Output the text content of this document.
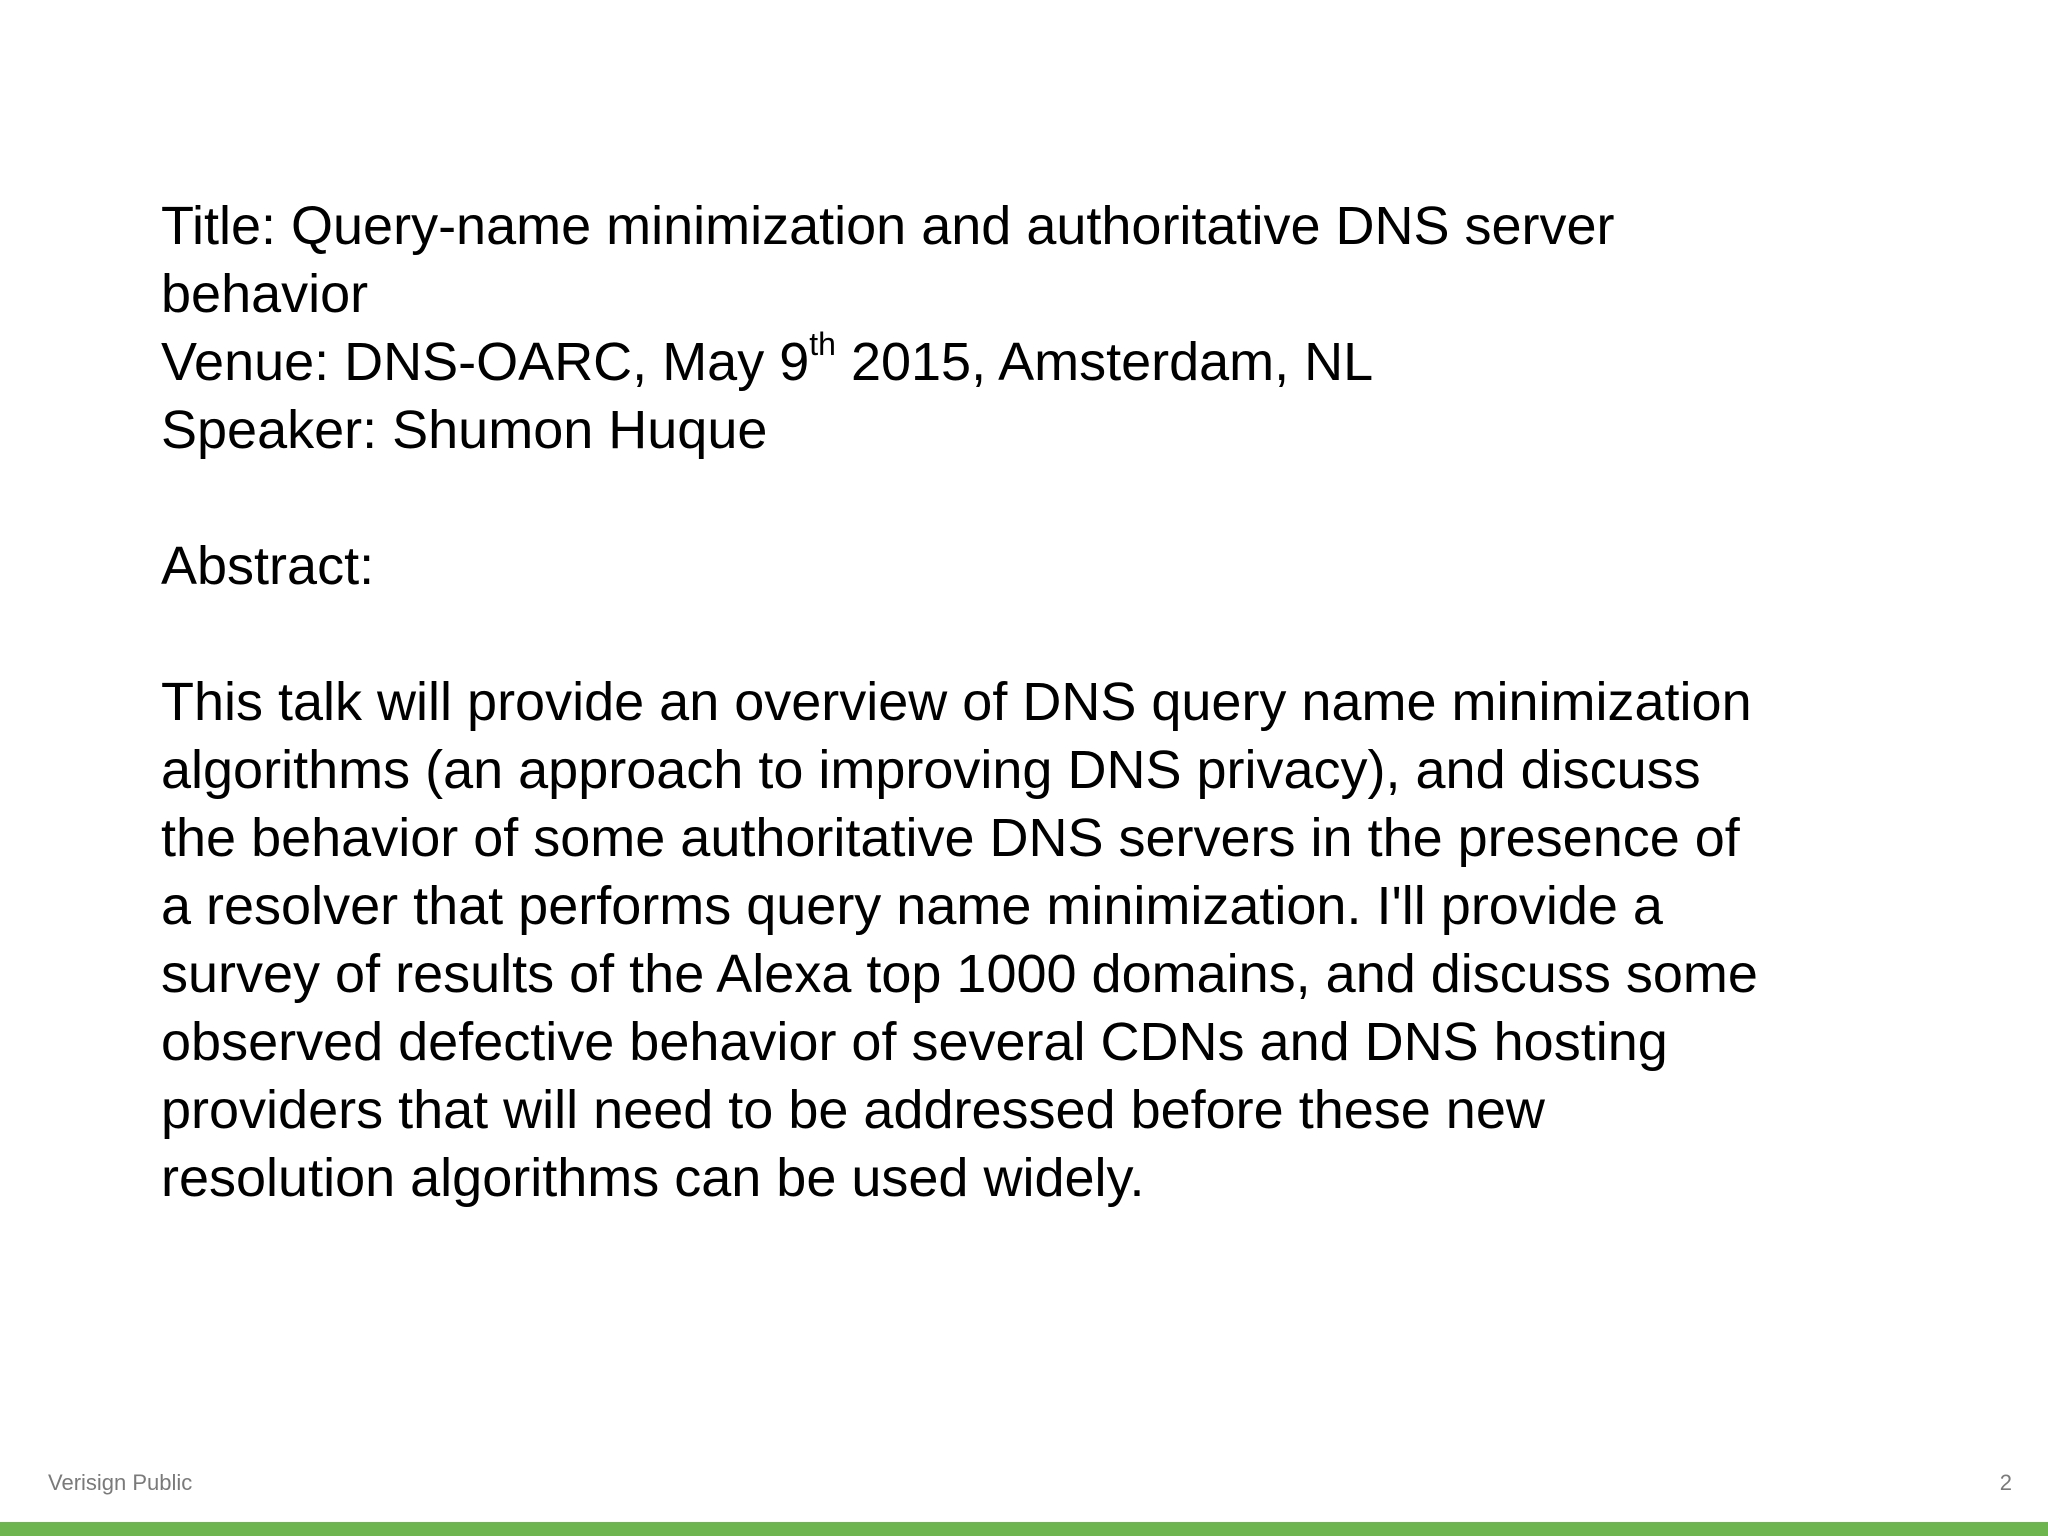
Title: Query-name minimization and authoritative DNS server
behavior
Venue: DNS-OARC, May 9th 2015, Amsterdam, NL
Speaker: Shumon Huque
Abstract:
This talk will provide an overview of DNS query name minimization
algorithms (an approach to improving DNS privacy), and discuss
the behavior of some authoritative DNS servers in the presence of
a resolver that performs query name minimization. I'll provide a
survey of results of the Alexa top 1000 domains, and discuss some
observed defective behavior of several CDNs and DNS hosting
providers that will need to be addressed before these new
resolution algorithms can be used widely.
Verisign Public	2
